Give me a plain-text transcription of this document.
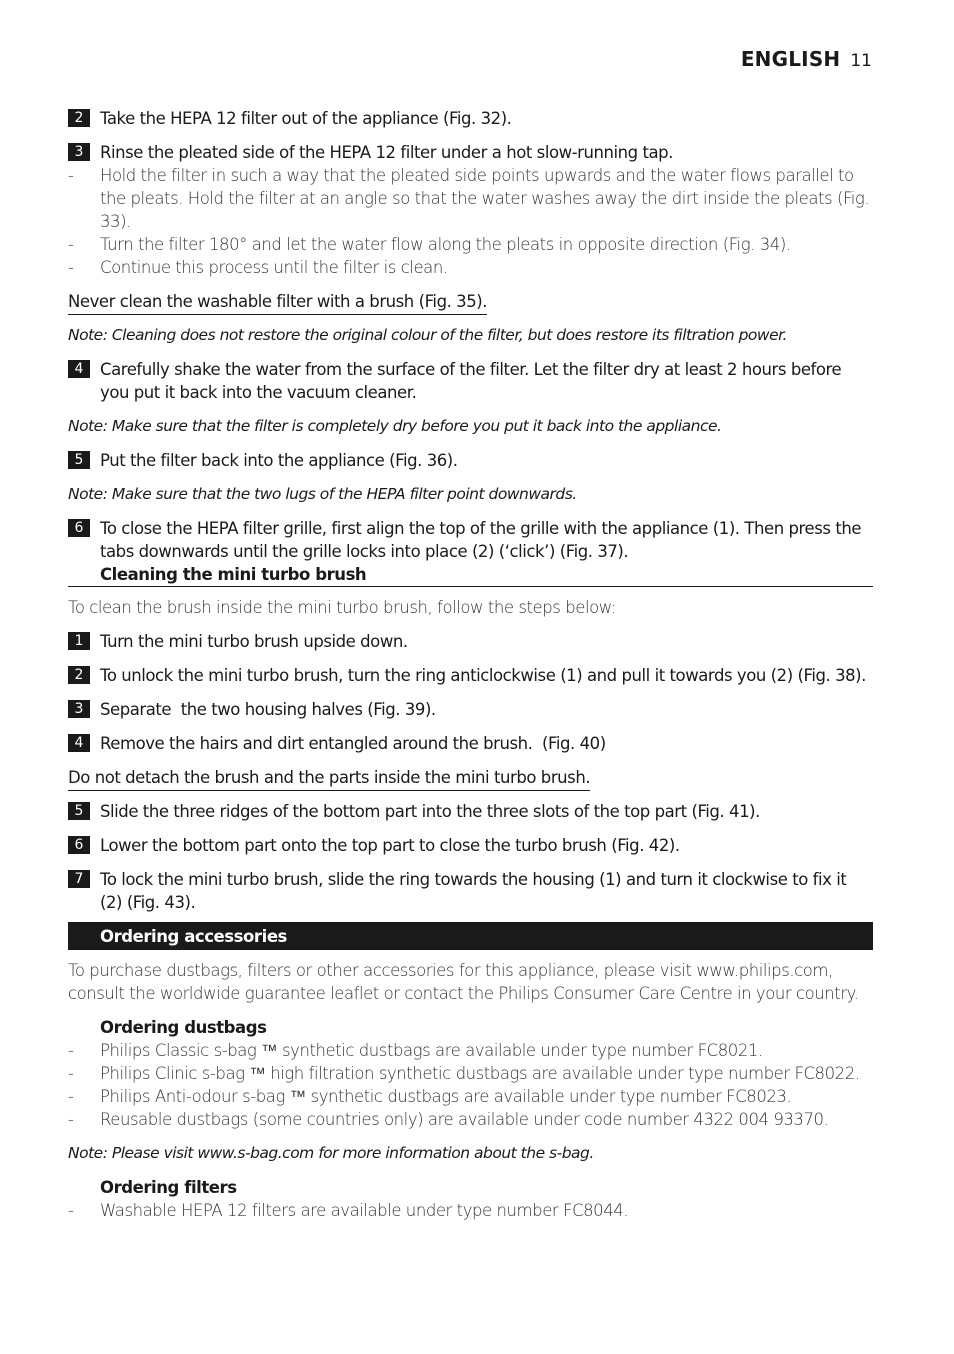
ENGLISH 11
2	Take the HEPA 12 filter out of the appliance (Fig. 32).
3	Rinse the pleated side of the HEPA 12 filter under a hot slow-running tap.
-	Hold the filter in such a way that the pleated side points upwards and the water flows parallel to the pleats. Hold the filter at an angle so that the water washes away the dirt inside the pleats (Fig. 33).
-	Turn the filter 180° and let the water flow along the pleats in opposite direction (Fig. 34).
-	Continue this process until the filter is clean.
Never clean the washable filter with a brush (Fig. 35).
Note: Cleaning does not restore the original colour of the filter, but does restore its filtration power.
4	Carefully shake the water from the surface of the filter. Let the filter dry at least 2 hours before you put it back into the vacuum cleaner.
Note: Make sure that the filter is completely dry before you put it back into the appliance.
5	Put the filter back into the appliance (Fig. 36).
Note: Make sure that the two lugs of the HEPA filter point downwards.
6	To close the HEPA filter grille, first align the top of the grille with the appliance (1). Then press the tabs downwards until the grille locks into place (2) (‘click’) (Fig. 37).
Cleaning the mini turbo brush
To clean the brush inside the mini turbo brush, follow the steps below:
1	Turn the mini turbo brush upside down.
2	To unlock the mini turbo brush, turn the ring anticlockwise (1) and pull it towards you (2) (Fig. 38).
3	Separate  the two housing halves (Fig. 39).
4	Remove the hairs and dirt entangled around the brush.  (Fig. 40)
Do not detach the brush and the parts inside the mini turbo brush.
5	Slide the three ridges of the bottom part into the three slots of the top part (Fig. 41).
6	Lower the bottom part onto the top part to close the turbo brush (Fig. 42).
7	To lock the mini turbo brush, slide the ring towards the housing (1) and turn it clockwise to fix it (2) (Fig. 43).
Ordering accessories
To purchase dustbags, filters or other accessories for this appliance, please visit www.philips.com, consult the worldwide guarantee leaflet or contact the Philips Consumer Care Centre in your country.
Ordering dustbags
-	Philips Classic s-bag ™ synthetic dustbags are available under type number FC8021.
-	Philips Clinic s-bag ™ high filtration synthetic dustbags are available under type number FC8022.
-	Philips Anti-odour s-bag ™ synthetic dustbags are available under type number FC8023.
-	Reusable dustbags (some countries only) are available under code number 4322 004 93370.
Note: Please visit www.s-bag.com for more information about the s-bag.
Ordering filters
-	Washable HEPA 12 filters are available under type number FC8044.
